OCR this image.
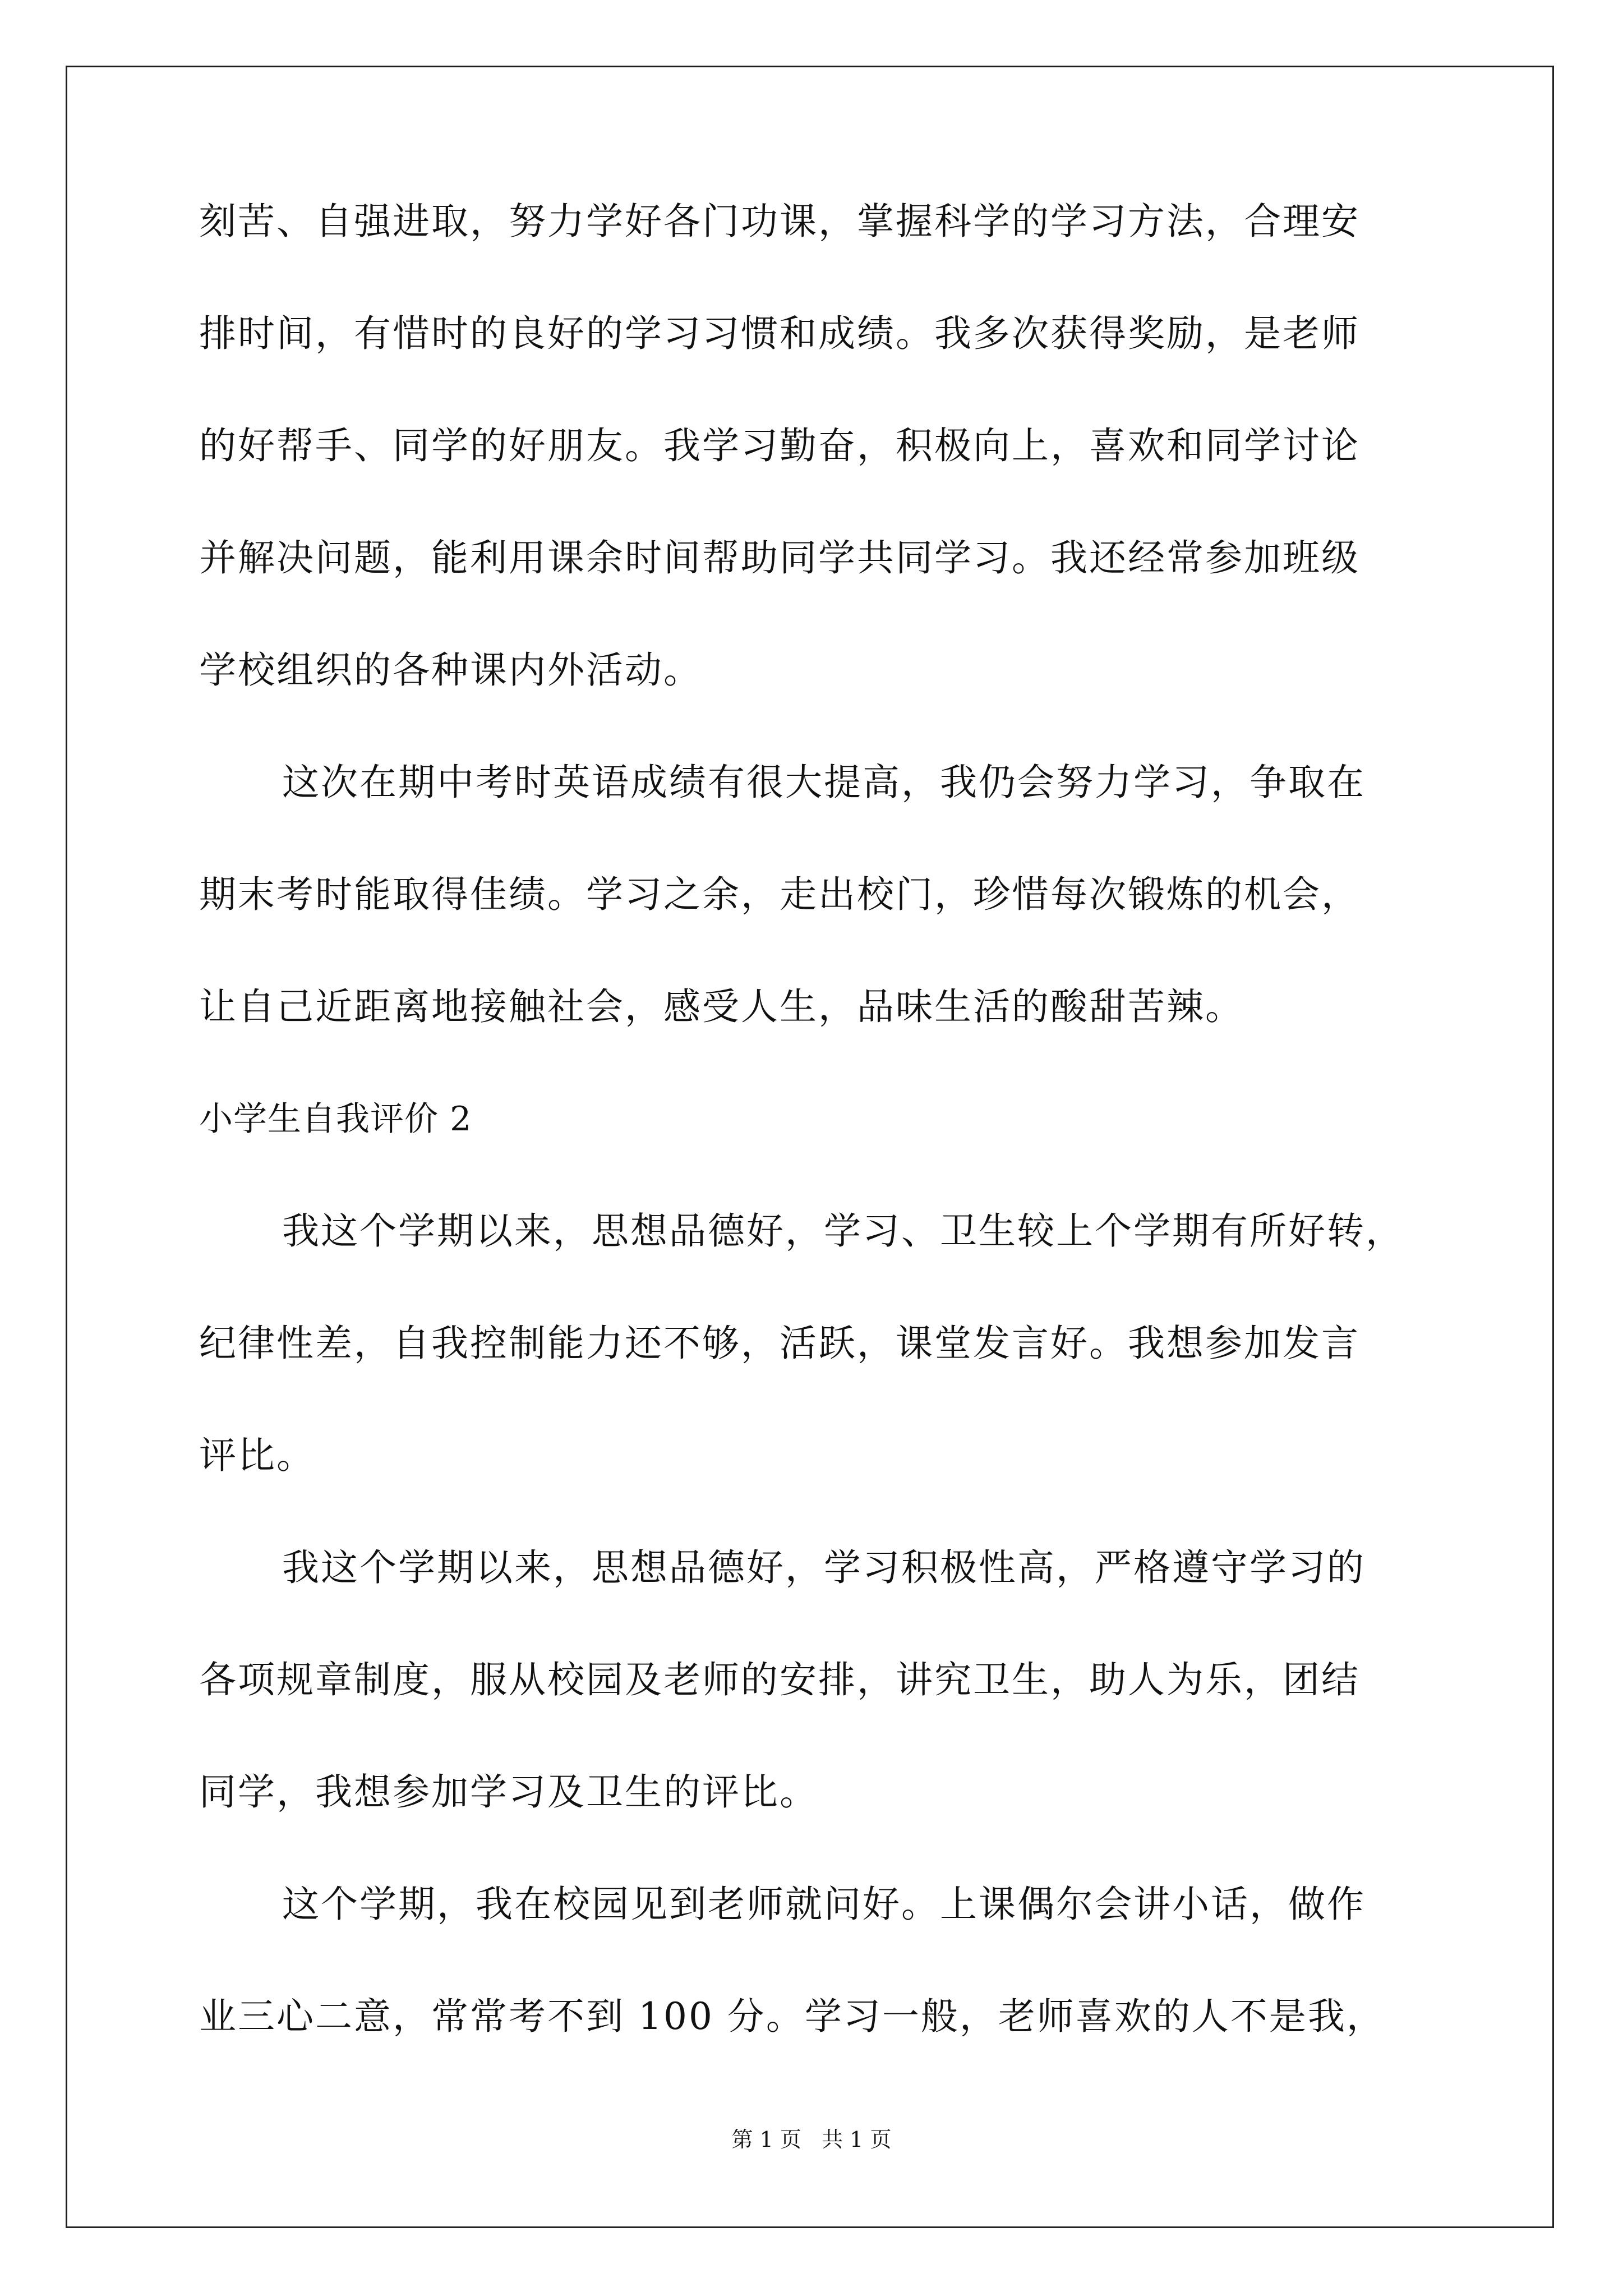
刻苦、自强进取，努力学好各门功课，掌握科学的学习方法，合理安
排时间，有惜时的良好的学习习惯和成绩。我多次获得奖励，是老师
的好帮手、同学的好朋友。我学习勤奋，积极向上，喜欢和同学讨论
并解决问题，能利用课余时间帮助同学共同学习。我还经常参加班级
学校组织的各种课内外活动。
这次在期中考时英语成绩有很大提高，我仍会努力学习，争取在
期末考时能取得佳绩。学习之余，走出校门，珍惜每次锻炼的机会，
让自己近距离地接触社会，感受人生，品味生活的酸甜苦辣。
小学生自我评价 2
我这个学期以来，思想品德好，学习、卫生较上个学期有所好转，
纪律性差，自我控制能力还不够，活跃，课堂发言好。我想参加发言
评比。
我这个学期以来，思想品德好，学习积极性高，严格遵守学习的
各项规章制度，服从校园及老师的安排，讲究卫生，助人为乐，团结
同学，我想参加学习及卫生的评比。
这个学期，我在校园见到老师就问好。上课偶尔会讲小话，做作
业三心二意，常常考不到 100 分。学习一般，老师喜欢的人不是我，
第 1 页   共 1 页
